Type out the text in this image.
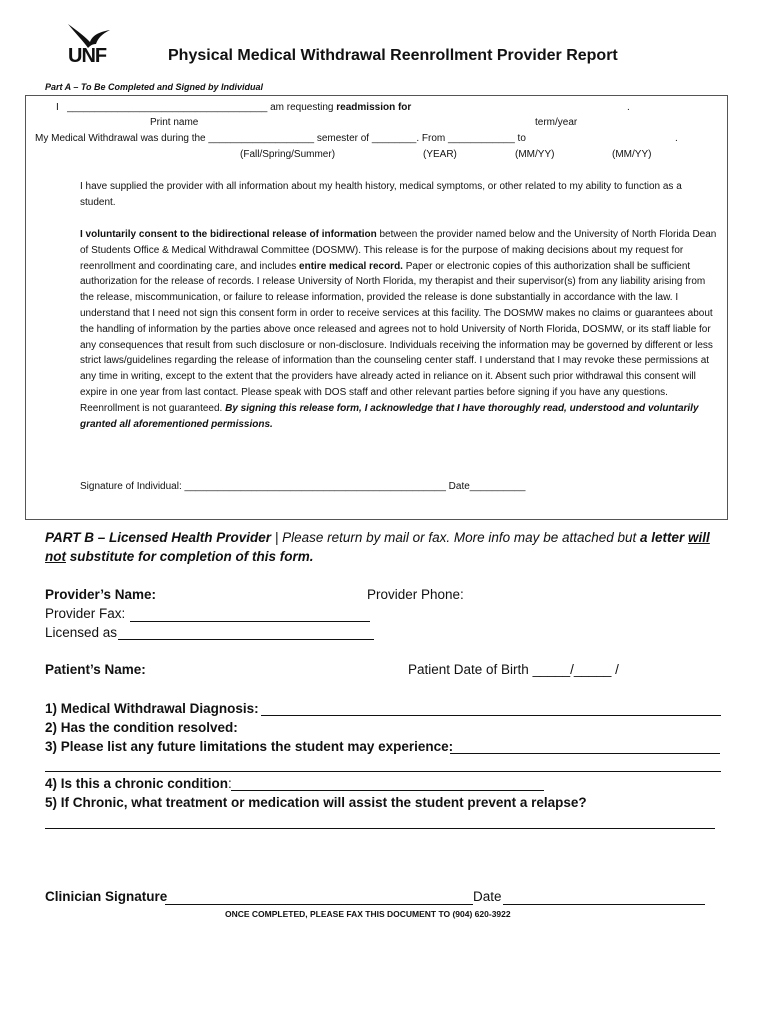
UNF	Physical Medical Withdrawal Reenrollment Provider Report
Part A – To Be Completed and Signed by Individual
I ____________________________________ am requesting readmission for	.
Print name	term/year
My Medical Withdrawal was during the ___________________ semester of ________. From ____________ to	.
(Fall/Spring/Summer)	(YEAR)	(MM/YY)	(MM/YY)
I have supplied the provider with all information about my health history, medical symptoms, or other related to my ability to function as a student.
I voluntarily consent to the bidirectional release of information between the provider named below and the University of North Florida Dean of Students Office & Medical Withdrawal Committee (DOSMW). This release is for the purpose of making decisions about my request for reenrollment and coordinating care, and includes entire medical record. Paper or electronic copies of this authorization shall be sufficient authorization for the release of records. I release University of North Florida, my therapist and their supervisor(s) from any liability arising from the release, miscommunication, or failure to release information, provided the release is done substantially in accordance with the law. I understand that I need not sign this consent form in order to receive services at this facility. The DOSMW makes no claims or guarantees about the handling of information by the parties above once released and agrees not to hold University of North Florida, DOSMW, or its staff liable for any consequences that result from such disclosure or non-disclosure. Individuals receiving the information may be governed by different or less strict laws/guidelines regarding the release of information than the counseling center staff. I understand that I may revoke these permissions at any time in writing, except to the extent that the providers have already acted in reliance on it. Absent such prior withdrawal this consent will expire in one year from last contact. Please speak with DOS staff and other relevant parties before signing if you have any questions. Reenrollment is not guaranteed. By signing this release form, I acknowledge that I have thoroughly read, understood and voluntarily granted all aforementioned permissions.
Signature of Individual: _______________________________________________ Date__________
PART B – Licensed Health Provider | Please return by mail or fax. More info may be attached but a letter will
not substitute for completion of this form.
Provider’s Name:	Provider Phone:
Provider Fax:
Licensed as
Patient’s Name:	Patient Date of Birth _____/_____ /
1) Medical Withdrawal Diagnosis:
2) Has the condition resolved:
3) Please list any future limitations the student may experience:
4) Is this a chronic condition:
5) If Chronic, what treatment or medication will assist the student prevent a relapse?
Clinician Signature	Date
ONCE COMPLETED, PLEASE FAX THIS DOCUMENT TO (904) 620-3922
